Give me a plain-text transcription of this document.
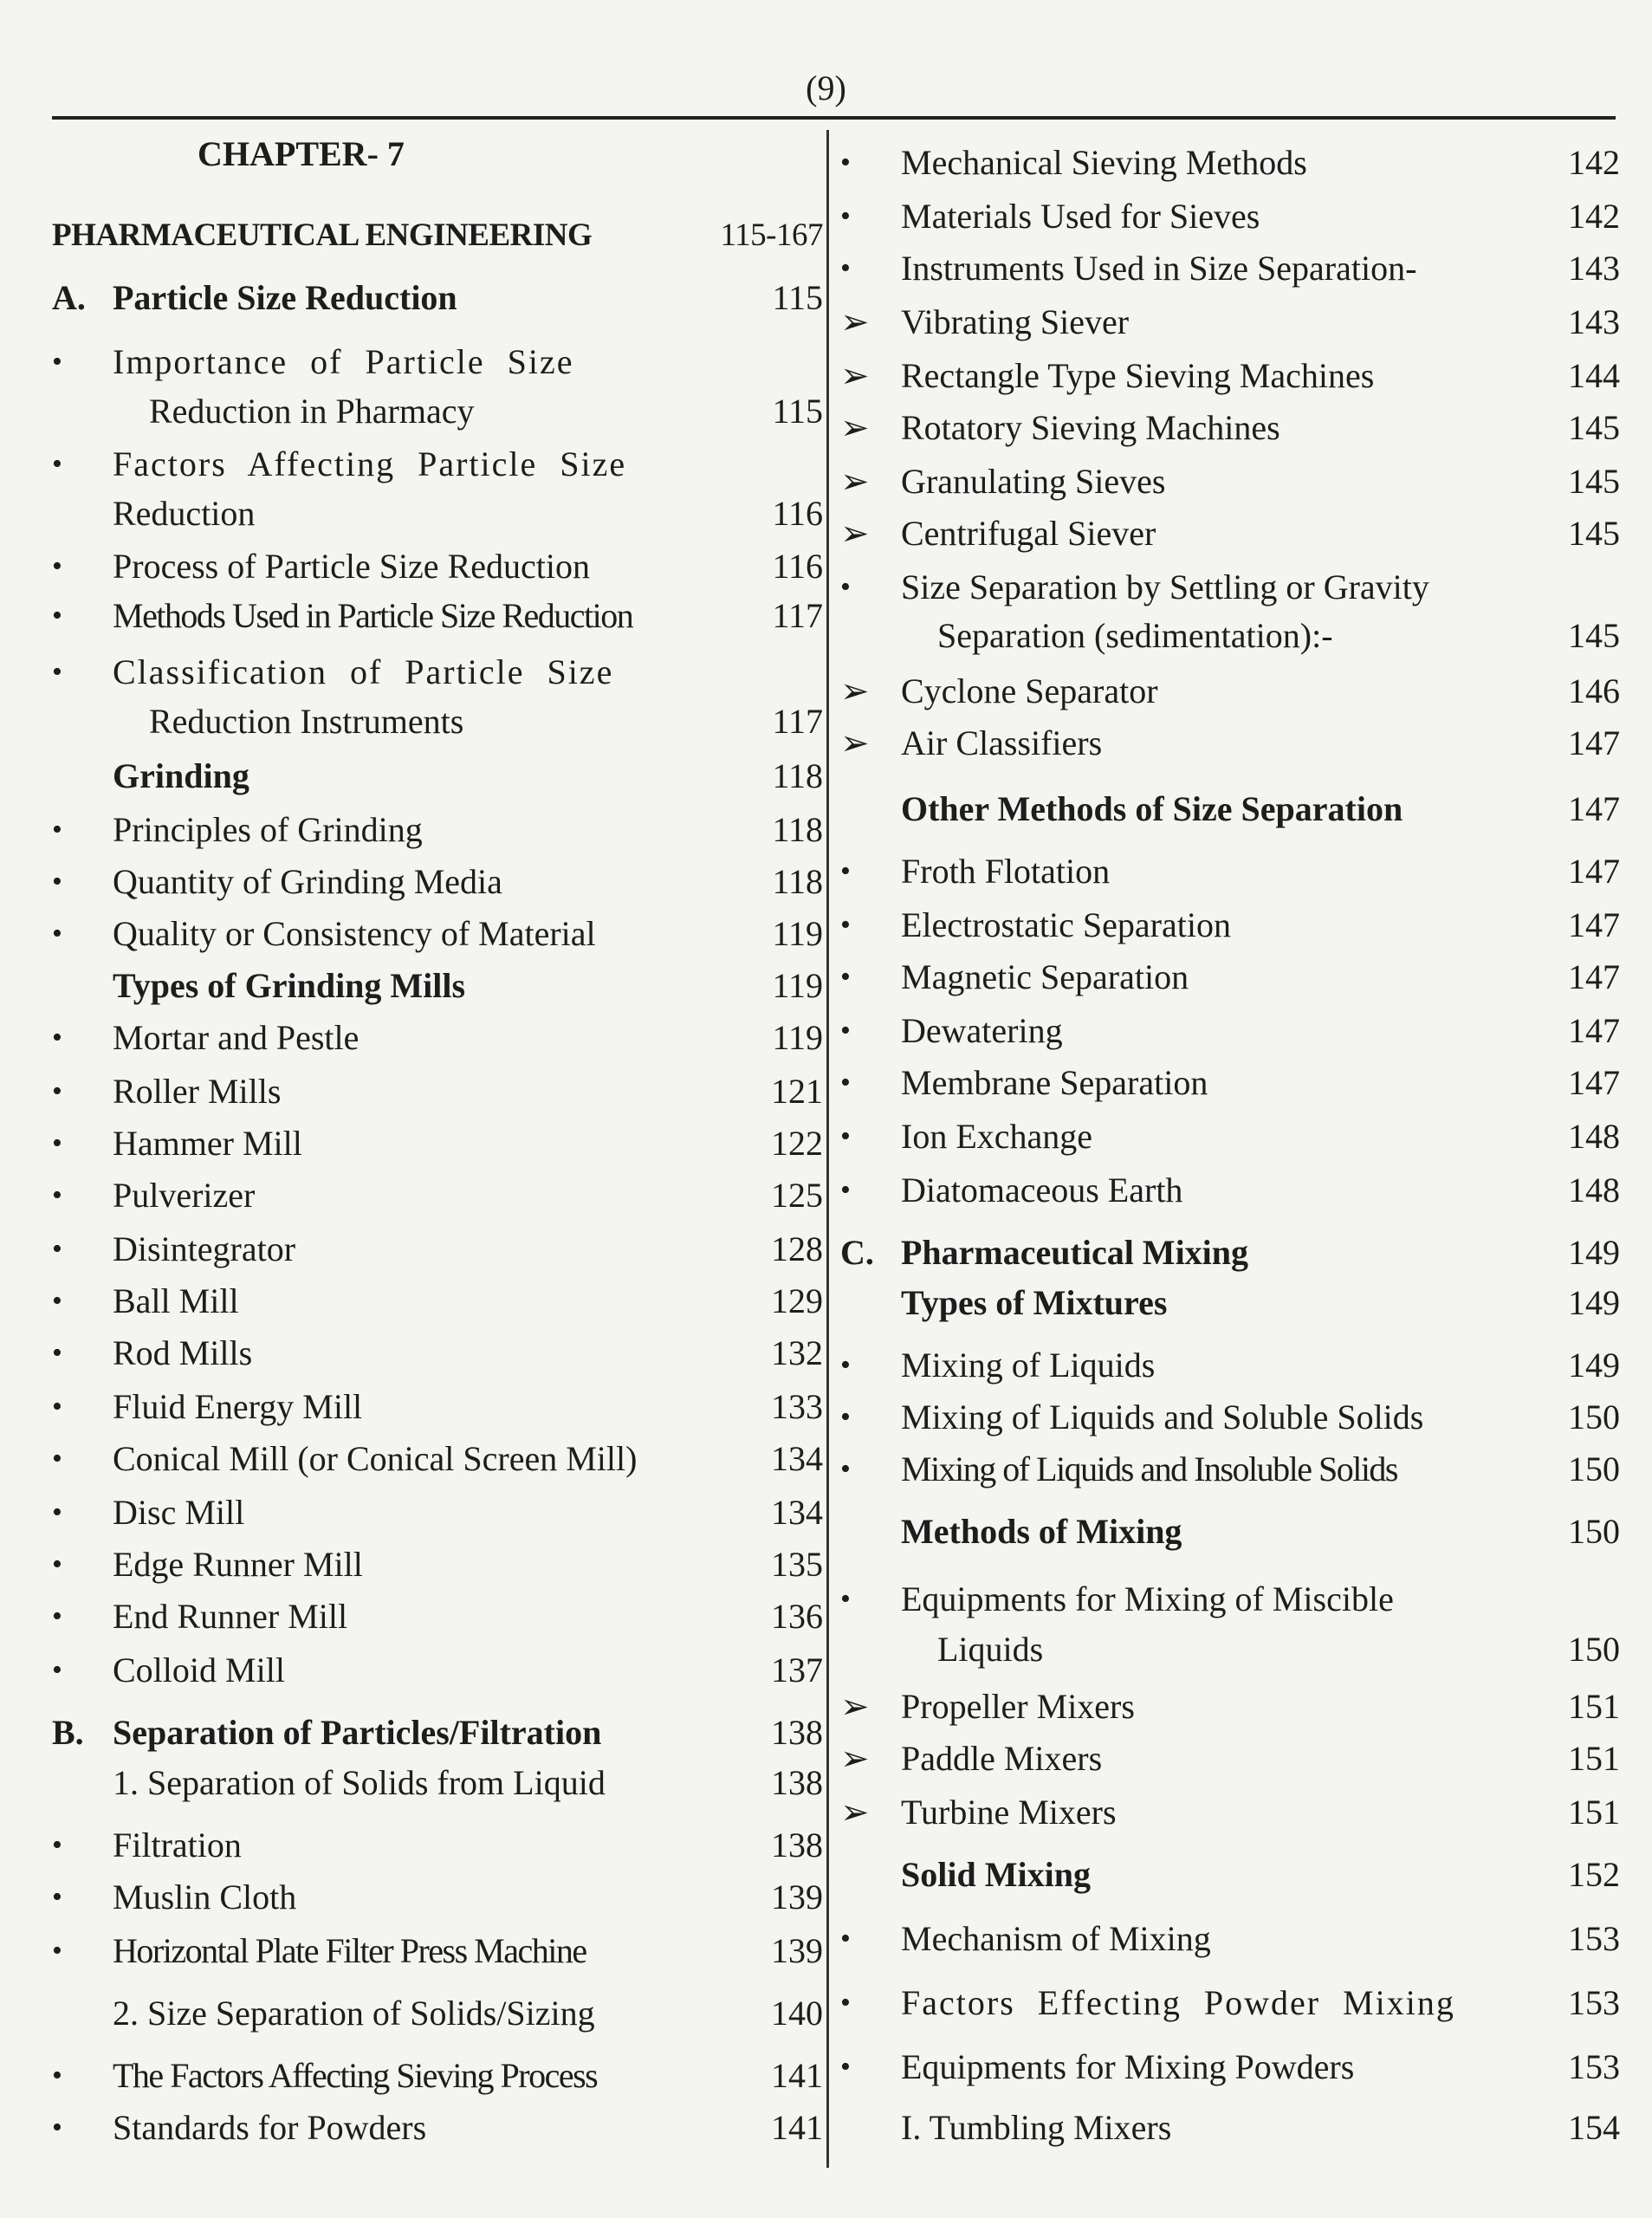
(9)
CHAPTER- 7
PHARMACEUTICAL ENGINEERING	115-167
A. Particle Size Reduction	115
•	Importance of Particle Size
Reduction in Pharmacy	115
•	Factors Affecting Particle Size
Reduction	116
•	Process of Particle Size Reduction	116
•	Methods Used in Particle Size Reduction	117
•	Classification of Particle Size
Reduction Instruments	117
Grinding	118
•	Principles of Grinding	118
•	Quantity of Grinding Media	118
•	Quality or Consistency of Material	119
Types of Grinding Mills	119
•	Mortar and Pestle	119
•	Roller Mills	121
•	Hammer Mill	122
•	Pulverizer	125
•	Disintegrator	128
•	Ball Mill	129
•	Rod Mills	132
•	Fluid Energy Mill	133
•	Conical Mill (or Conical Screen Mill)	134
•	Disc Mill	134
•	Edge Runner Mill	135
•	End Runner Mill	136
•	Colloid Mill	137
B. Separation of Particles/Filtration	138
1. Separation of Solids from Liquid	138
•	Filtration	138
•	Muslin Cloth	139
•	Horizontal Plate Filter Press Machine	139
2. Size Separation of Solids/Sizing	140
•	The Factors Affecting Sieving Process	141
•	Standards for Powders	141
•	Mechanical Sieving Methods	142
•	Materials Used for Sieves	142
•	Instruments Used in Size Separation-	143
➢ Vibrating Siever	143
➢ Rectangle Type Sieving Machines	144
➢ Rotatory Sieving Machines	145
➢ Granulating Sieves	145
➢ Centrifugal Siever	145
•	Size Separation by Settling or Gravity
Separation (sedimentation):-	145
➢ Cyclone Separator	146
➢ Air Classifiers	147
Other Methods of Size Separation	147
•	Froth Flotation	147
•	Electrostatic Separation	147
•	Magnetic Separation	147
•	Dewatering	147
•	Membrane Separation	147
•	Ion Exchange	148
•	Diatomaceous Earth	148
C. Pharmaceutical Mixing	149
Types of Mixtures	149
•	Mixing of Liquids	149
•	Mixing of Liquids and Soluble Solids	150
•	Mixing of Liquids and Insoluble Solids	150
Methods of Mixing	150
•	Equipments for Mixing of Miscible
Liquids	150
➢ Propeller Mixers	151
➢ Paddle Mixers	151
➢ Turbine Mixers	151
Solid Mixing	152
•	Mechanism of Mixing	153
•	Factors Effecting Powder Mixing	153
•	Equipments for Mixing Powders	153
I. Tumbling Mixers	154
